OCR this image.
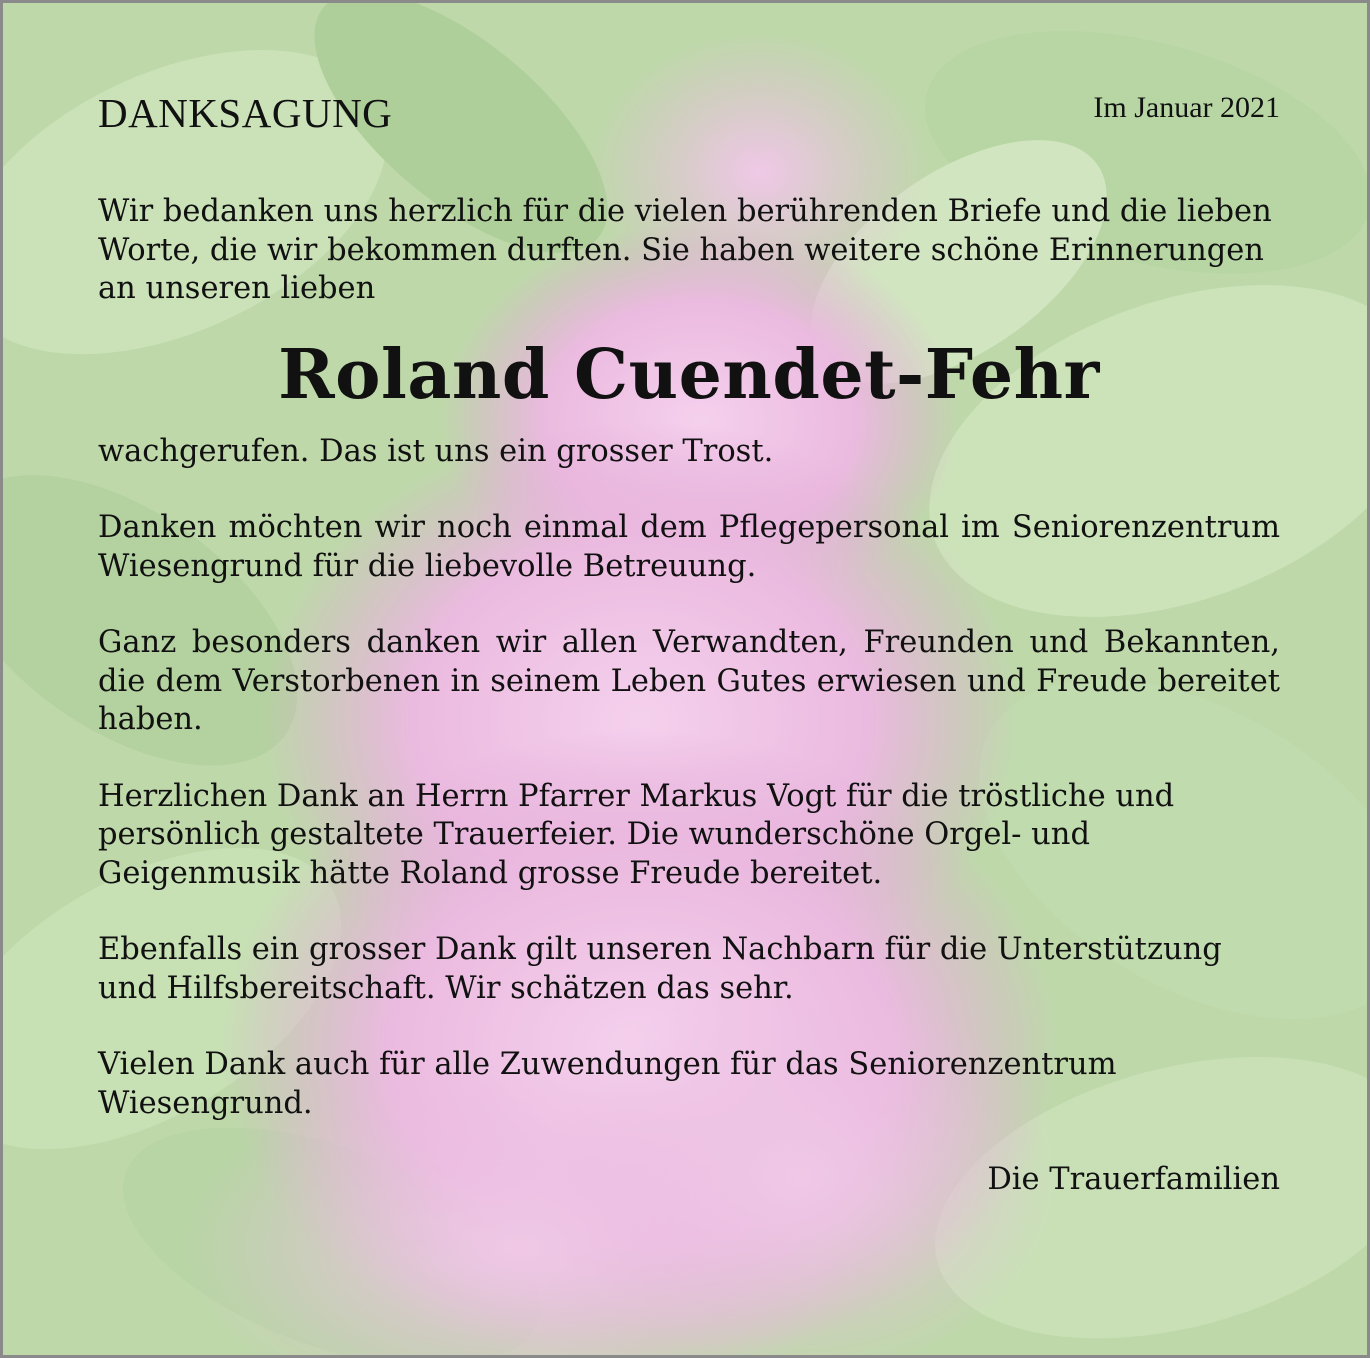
DANKSAGUNG	Im Januar 2021

Wir bedanken uns herzlich für die vielen berührenden Briefe und die lieben Worte, die wir bekommen durften. Sie haben weitere schöne Erinnerungen an unseren lieben

Roland Cuendet-Fehr

wachgerufen. Das ist uns ein grosser Trost.

Danken möchten wir noch einmal dem Pflegepersonal im Seniorenzentrum Wiesengrund für die liebevolle Betreuung.

Ganz besonders danken wir allen Verwandten, Freunden und Bekannten, die dem Verstorbenen in seinem Leben Gutes erwiesen und Freude bereitet haben.

Herzlichen Dank an Herrn Pfarrer Markus Vogt für die tröstliche und persönlich gestaltete Trauerfeier. Die wunderschöne Orgel- und Geigenmusik hätte Roland grosse Freude bereitet.

Ebenfalls ein grosser Dank gilt unseren Nachbarn für die Unterstützung und Hilfsbereitschaft. Wir schätzen das sehr.

Vielen Dank auch für alle Zuwendungen für das Seniorenzentrum Wiesengrund.

Die Trauerfamilien
